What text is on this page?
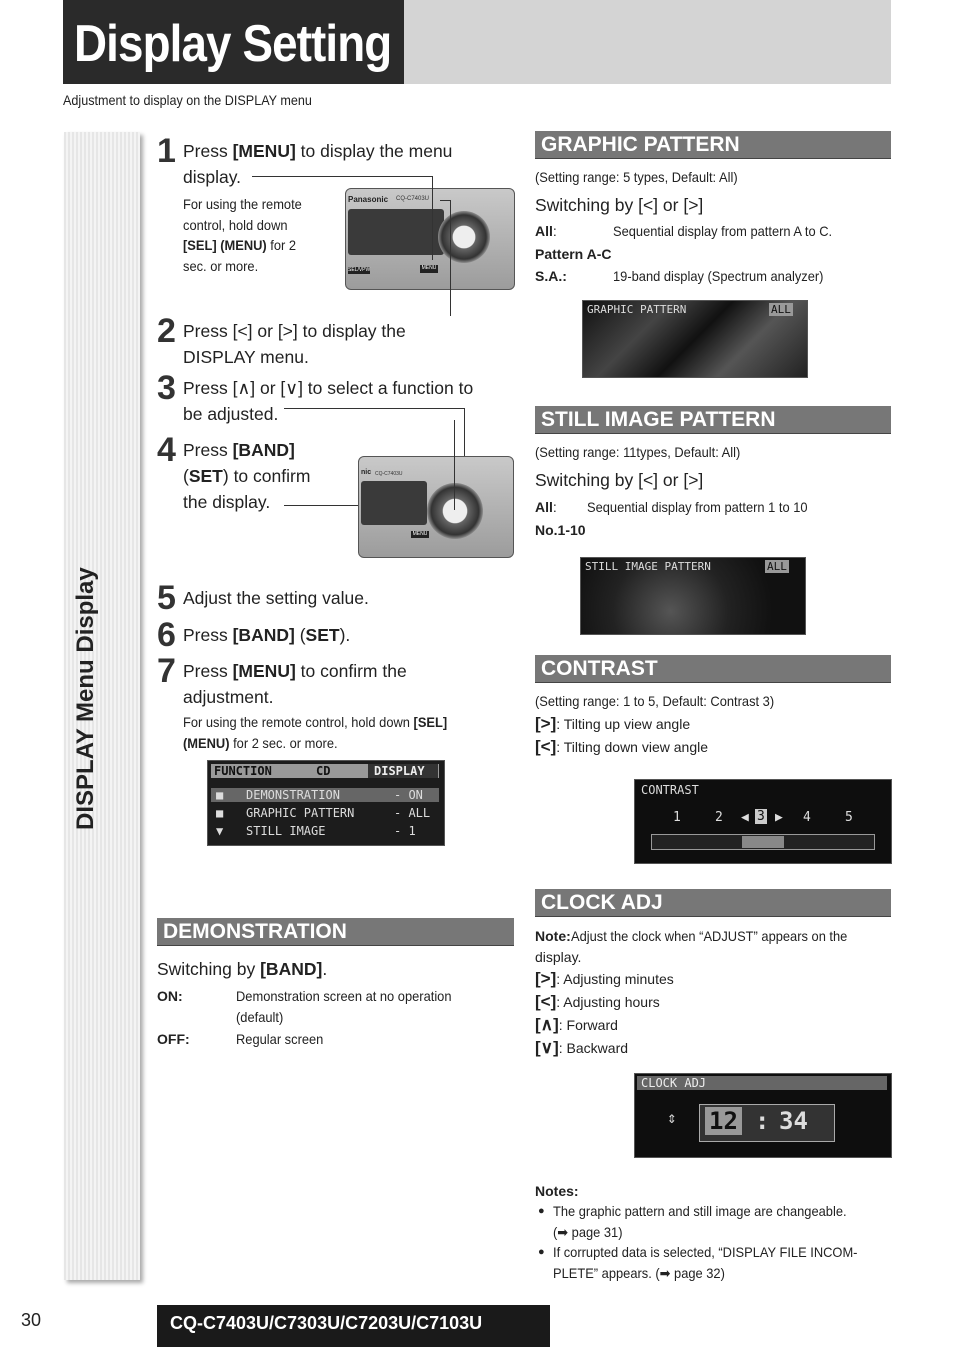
Display Setting
Adjustment to display on the DISPLAY menu
DISPLAY Menu Display
1 Press [MENU] to display the menu
display.
For using the remote
control, hold down
[SEL] (MENU) for 2
sec. or more.
Panasonic CQ-C7403U
MENU
SEL/VPW
2 Press [<] or [>] to display the
DISPLAY menu.
3 Press [∧] or [∨] to select a function to
be adjusted.
4 Press [BAND]
(SET) to confirm
the display.
nic CQ-C7403U
MENU
5 Adjust the setting value.
6 Press [BAND] (SET).
7 Press [MENU] to confirm the
adjustment.
For using the remote control, hold down [SEL]
(MENU) for 2 sec. or more.
FUNCTION	CD	DISPLAY
■ DEMONSTRATION	- ON
■ GRAPHIC PATTERN	- ALL
▼ STILL IMAGE	- 1
DEMONSTRATION
Switching by [BAND].
ON:	Demonstration screen at no operation
(default)
OFF:	Regular screen
GRAPHIC PATTERN
(Setting range: 5 types, Default: All)
Switching by [<] or [>]
All:	Sequential display from pattern A to C.
Pattern A-C
S.A.:	19-band display (Spectrum analyzer)
GRAPHIC PATTERN	ALL
STILL IMAGE PATTERN
(Setting range: 11types, Default: All)
Switching by [<] or [>]
All: Sequential display from pattern 1 to 10
No.1-10
STILL IMAGE PATTERN	ALL
CONTRAST
(Setting range: 1 to 5, Default: Contrast 3)
[>]: Tilting up view angle
[<]: Tilting down view angle
CONTRAST
1	2 ◀ 3 ▶ 4	5
CLOCK ADJ
Note:Adjust the clock when “ADJUST” appears on the
display.
[>]: Adjusting minutes
[<]: Adjusting hours
[∧]: Forward
[∨]: Backward
CLOCK ADJ
⇕ 12 : 34
Notes:
● The graphic pattern and still image are changeable.
(➡ page 31)
● If corrupted data is selected, “DISPLAY FILE INCOM-
PLETE” appears. (➡ page 32)
30	CQ-C7403U/C7303U/C7203U/C7103U
